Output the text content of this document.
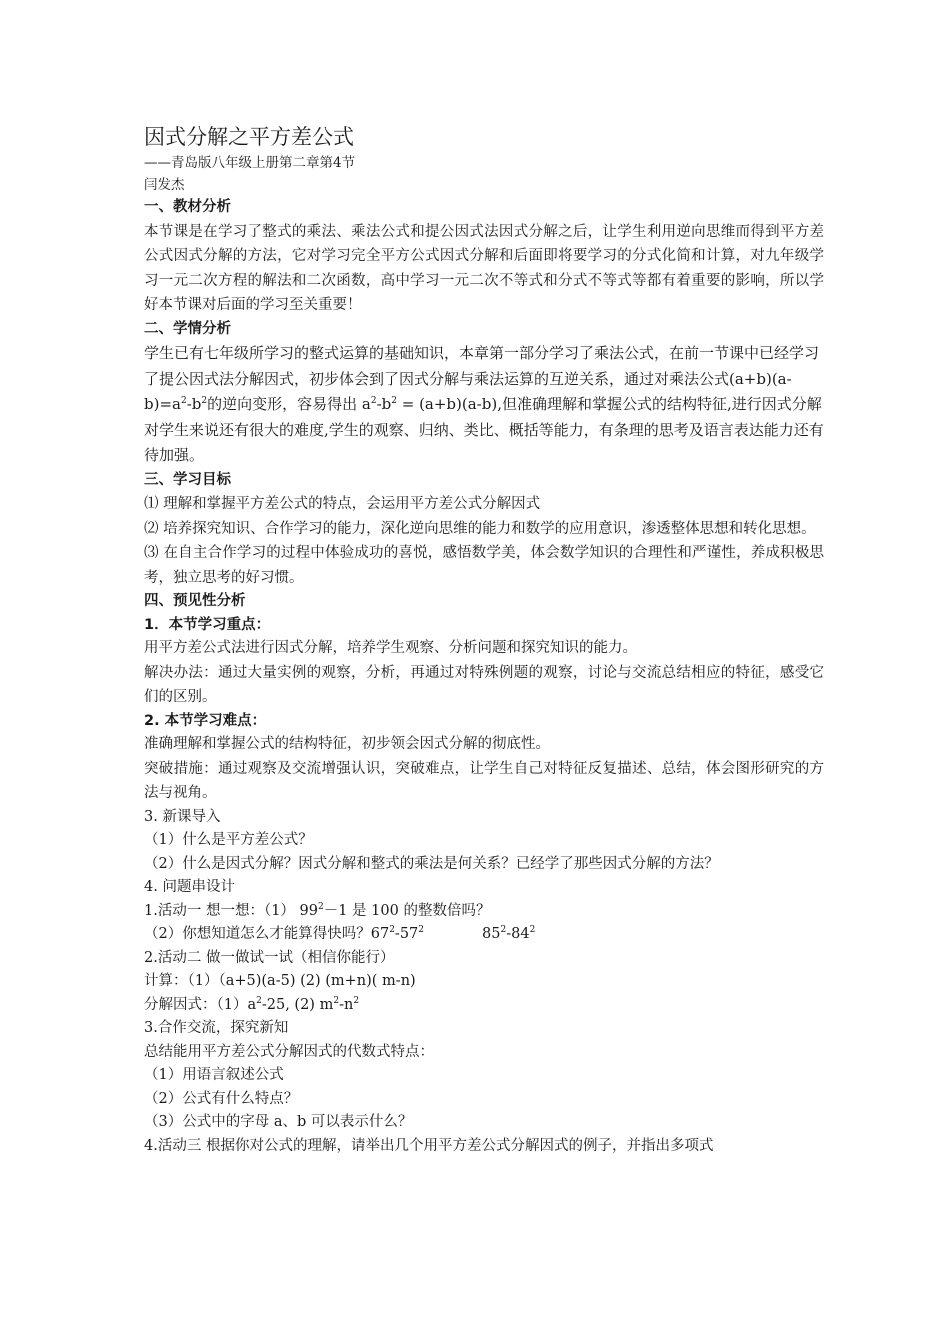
因式分解之平方差公式
——青岛版八年级上册第二章第4节
闫发杰
一、教材分析
本节课是在学习了整式的乘法、乘法公式和提公因式法因式分解之后，让学生利用逆向思维而得到平方差公式因式分解的方法，它对学习完全平方公式因式分解和后面即将要学习的分式化简和计算，对九年级学习一元二次方程的解法和二次函数，高中学习一元二次不等式和分式不等式等都有着重要的影响，所以学好本节课对后面的学习至关重要！
二、学情分析
学生已有七年级所学习的整式运算的基础知识，本章第一部分学习了乘法公式，在前一节课中已经学习了提公因式法分解因式，初步体会到了因式分解与乘法运算的互逆关系，通过对乘法公式$(a+b)(a-b)=a^2-b^2$的逆向变形，容易得出 $a^2-b^2 = (a+b)(a-b)$,但准确理解和掌握公式的结构特征,进行因式分解对学生来说还有很大的难度,学生的观察、归纳、类比、概括等能力，有条理的思考及语言表达能力还有待加强。
三、学习目标
⑴ 理解和掌握平方差公式的特点，会运用平方差公式分解因式
⑵ 培养探究知识、合作学习的能力，深化逆向思维的能力和数学的应用意识，渗透整体思想和转化思想。
⑶ 在自主合作学习的过程中体验成功的喜悦，感悟数学美，体会数学知识的合理性和严谨性，养成积极思考，独立思考的好习惯。
四、预见性分析
1．本节学习重点：
用平方差公式法进行因式分解，培养学生观察、分析问题和探究知识的能力。
解决办法：通过大量实例的观察，分析，再通过对特殊例题的观察，讨论与交流总结相应的特征，感受它们的区别。
2. 本节学习难点：
准确理解和掌握公式的结构特征，初步领会因式分解的彻底性。
突破措施：通过观察及交流增强认识，突破难点，让学生自己对特征反复描述、总结，体会图形研究的方法与视角。
3. 新课导入
（1）什么是平方差公式？
（2）什么是因式分解？因式分解和整式的乘法是何关系？已经学了那些因式分解的方法？
4. 问题串设计
1.活动一 想一想：（1） $99^2-1$ 是 100 的整数倍吗？
（2）你想知道怎么才能算得快吗？$67^2-57^2$	$85^2-84^2$
2.活动二 做一做试一试（相信你能行）
计算：（1）（a+5)(a-5) (2) (m+n)( m-n)
分解因式：$(1)a^2-25$, (2) $m^2-n^2$
3.合作交流，探究新知
总结能用平方差公式分解因式的代数式特点：
（1）用语言叙述公式
（2）公式有什么特点？
（3）公式中的字母 a、b 可以表示什么？
4.活动三 根据你对公式的理解，请举出几个用平方差公式分解因式的例子，并指出多项式
